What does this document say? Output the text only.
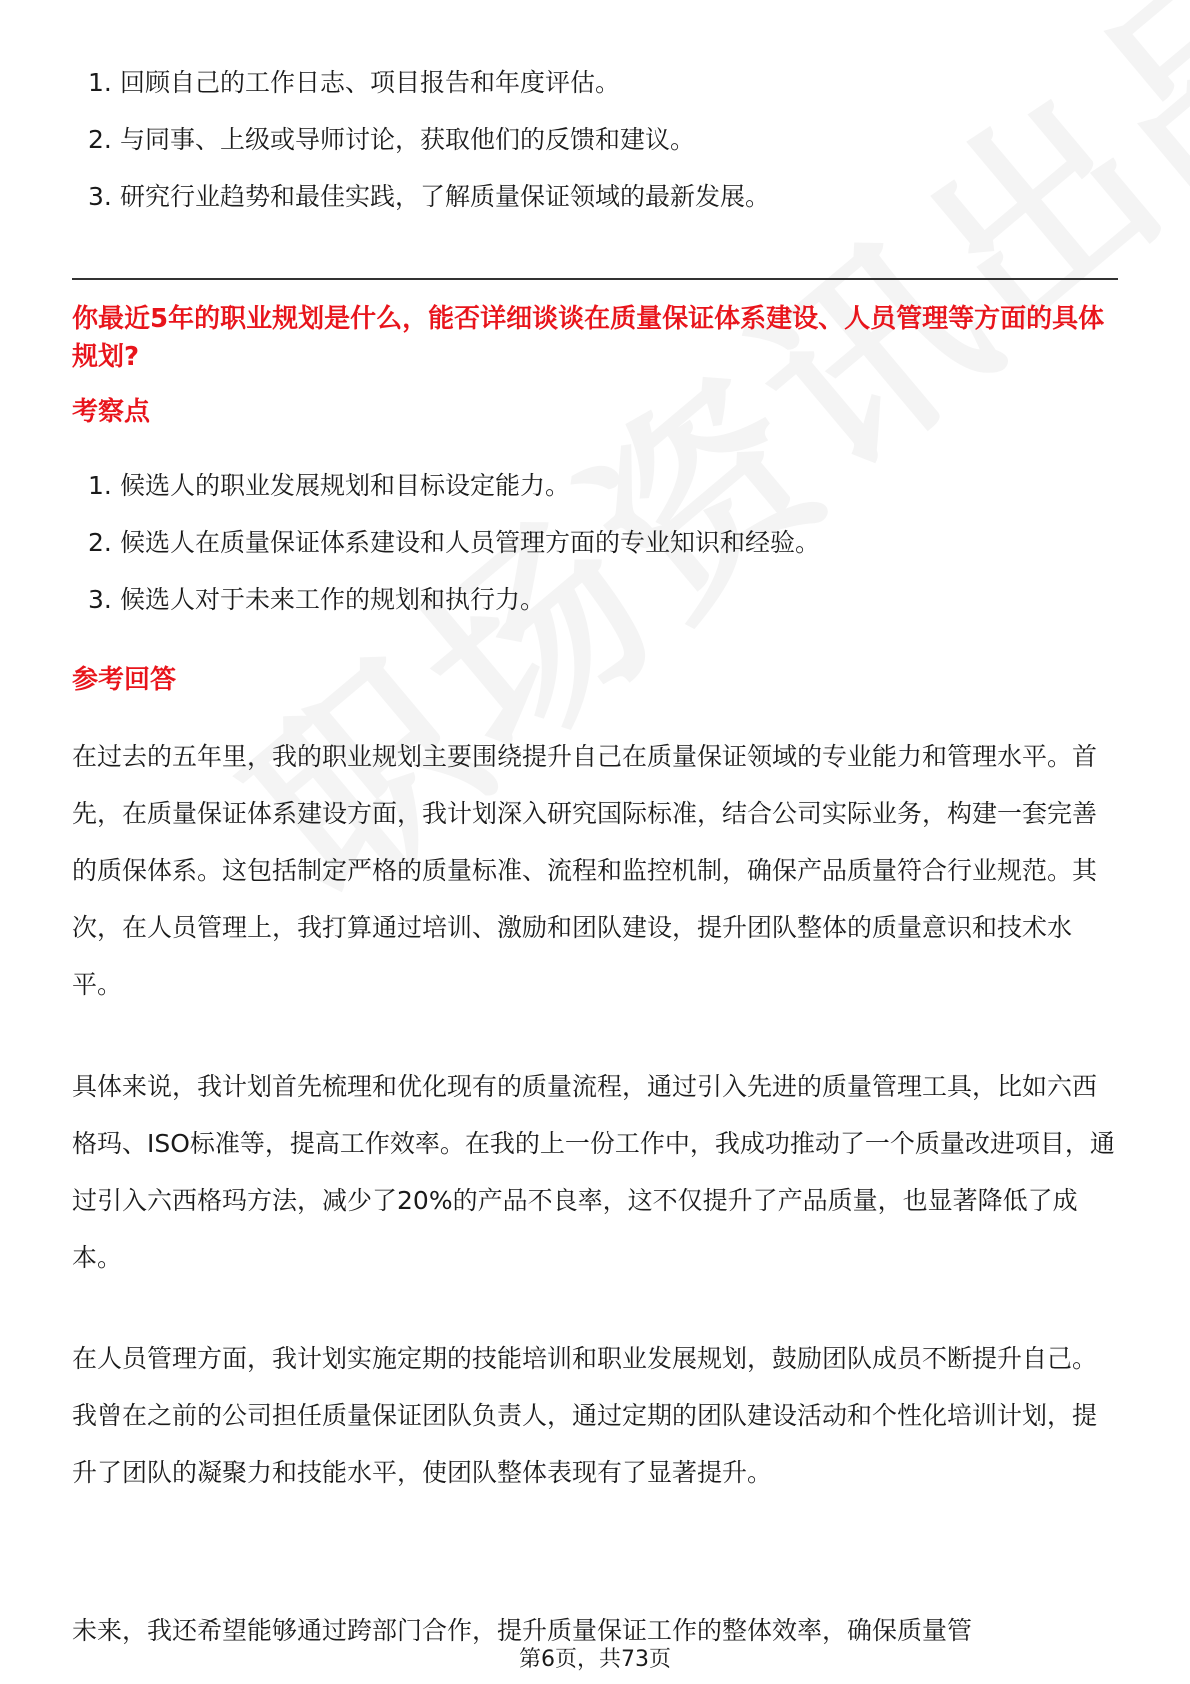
1. 回顾自己的工作日志、项目报告和年度评估。
2. 与同事、上级或导师讨论，获取他们的反馈和建议。
3. 研究行业趋势和最佳实践，了解质量保证领域的最新发展。
你最近5年的职业规划是什么，能否详细谈谈在质量保证体系建设、人员管理等方面的具体规划?
考察点
1. 候选人的职业发展规划和目标设定能力。
2. 候选人在质量保证体系建设和人员管理方面的专业知识和经验。
3. 候选人对于未来工作的规划和执行力。
参考回答

在过去的五年里，我的职业规划主要围绕提升自己在质量保证领域的专业能力和管理水平。首先，在质量保证体系建设方面，我计划深入研究国际标准，结合公司实际业务，构建一套完善的质保体系。这包括制定严格的质量标准、流程和监控机制，确保产品质量符合行业规范。其次，在人员管理上，我打算通过培训、激励和团队建设，提升团队整体的质量意识和技术水平。

具体来说，我计划首先梳理和优化现有的质量流程，通过引入先进的质量管理工具，比如六西格玛、ISO标准等，提高工作效率。在我的上一份工作中，我成功推动了一个质量改进项目，通过引入六西格玛方法，减少了20%的产品不良率，这不仅提升了产品质量，也显著降低了成本。

在人员管理方面，我计划实施定期的技能培训和职业发展规划，鼓励团队成员不断提升自己。我曾在之前的公司担任质量保证团队负责人，通过定期的团队建设活动和个性化培训计划，提升了团队的凝聚力和技能水平，使团队整体表现有了显著提升。

未来，我还希望能够通过跨部门合作，提升质量保证工作的整体效率，确保质量管

第6页，共73页
